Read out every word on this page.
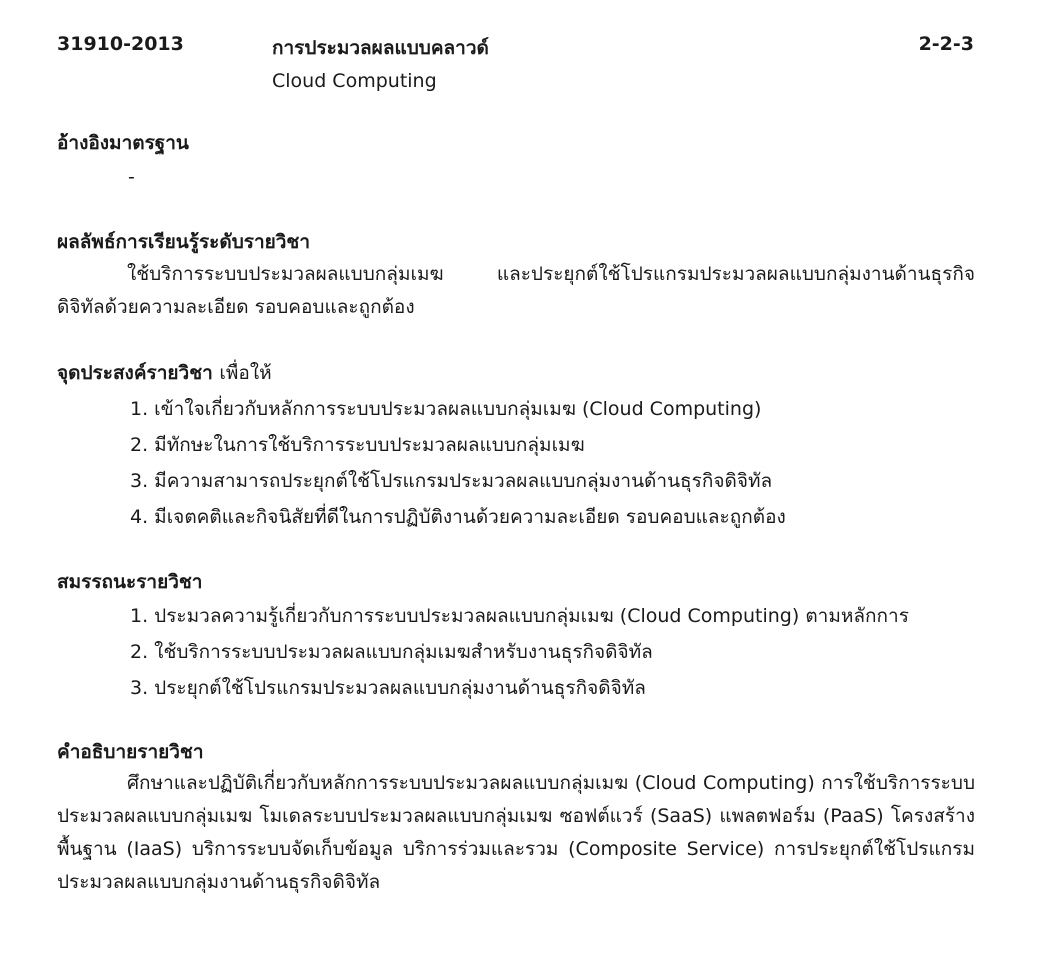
31910-2013	การประมวลผลแบบคลาวด์
Cloud Computing
2-2-3
อ้างอิงมาตรฐาน
-
ผลลัพธ์การเรียนรู้ระดับรายวิชา
ใช้บริการระบบประมวลผลแบบกลุ่มเมฆ และประยุกต์ใช้โปรแกรมประมวลผลแบบกลุ่มงานด้านธุรกิจดิจิทัลด้วยความละเอียด รอบคอบและถูกต้อง
จุดประสงค์รายวิชา เพื่อให้
1. เข้าใจเกี่ยวกับหลักการระบบประมวลผลแบบกลุ่มเมฆ (Cloud Computing)
2. มีทักษะในการใช้บริการระบบประมวลผลแบบกลุ่มเมฆ
3. มีความสามารถประยุกต์ใช้โปรแกรมประมวลผลแบบกลุ่มงานด้านธุรกิจดิจิทัล
4. มีเจตคติและกิจนิสัยที่ดีในการปฏิบัติงานด้วยความละเอียด รอบคอบและถูกต้อง
สมรรถนะรายวิชา
1. ประมวลความรู้เกี่ยวกับการระบบประมวลผลแบบกลุ่มเมฆ (Cloud Computing) ตามหลักการ
2. ใช้บริการระบบประมวลผลแบบกลุ่มเมฆสำหรับงานธุรกิจดิจิทัล
3. ประยุกต์ใช้โปรแกรมประมวลผลแบบกลุ่มงานด้านธุรกิจดิจิทัล
คำอธิบายรายวิชา
ศึกษาและปฏิบัติเกี่ยวกับหลักการระบบประมวลผลแบบกลุ่มเมฆ (Cloud Computing) การใช้บริการระบบประมวลผลแบบกลุ่มเมฆ โมเดลระบบประมวลผลแบบกลุ่มเมฆ ซอฟต์แวร์ (SaaS) แพลตฟอร์ม (PaaS) โครงสร้างพื้นฐาน (IaaS) บริการระบบจัดเก็บข้อมูล บริการร่วมและรวม (Composite Service) การประยุกต์ใช้โปรแกรมประมวลผลแบบกลุ่มงานด้านธุรกิจดิจิทัล
